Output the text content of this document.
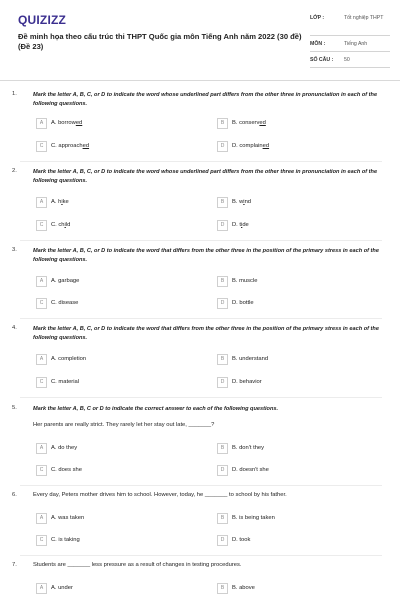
QUIZIZZ
Đề minh họa theo cấu trúc thi THPT Quốc gia môn Tiếng Anh năm 2022 (30 đề) (Đề 23)
LỚP :	Tốt nghiệp THPT
MÔN :	Tiếng Anh
SỐ CÂU : 50
1.	Mark the letter A, B, C, or D to indicate the word whose underlined part differs from the other three in pronunciation in each of the following questions.
A	A. borrowed	B	B. conserved
C	C. approached	D	D. complained
2.	Mark the letter A, B, C, or D to indicate the word whose underlined part differs from the other three in pronunciation in each of the following questions.
A	A. hike	B	B. wind
C	C. child	D	D. tide
3.	Mark the letter A, B, C, or D to indicate the word that differs from the other three in the position of the primary stress in each of the following questions.
A	A. garbage	B	B. muscle
C	C. disease	D	D. bottle
4.	Mark the letter A, B, C, or D to indicate the word that differs from the other three in the position of the primary stress in each of the following questions.
A	A. completion	B	B. understand
C	C. material	D	D. behavior
5.	Mark the letter A, B, C or D to indicate the correct answer to each of the following questions.
Her parents are really strict. They rarely let her stay out late, _______?
A	A. do they	B	B. don't they
C	C. does she	D	D. doesn't she
6.	Every day, Peters mother drives him to school. However, today, he _______ to school by his father.
A	A. was taken	B	B. is being taken
C	C. is taking	D	D. took
7.	Students are _______ less pressure as a result of changes in testing procedures.
A	A. under	B	B. above
